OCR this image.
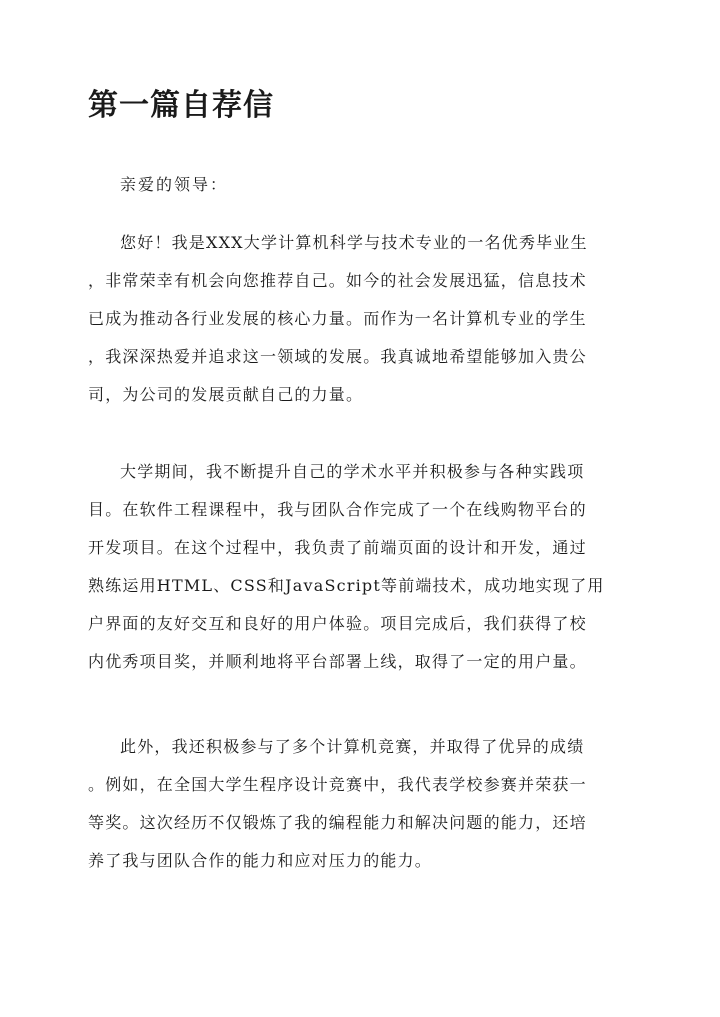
第一篇自荐信
亲爱的领导：
您好！我是XXX大学计算机科学与技术专业的一名优秀毕业生
，非常荣幸有机会向您推荐自己。如今的社会发展迅猛，信息技术
已成为推动各行业发展的核心力量。而作为一名计算机专业的学生
，我深深热爱并追求这一领域的发展。我真诚地希望能够加入贵公
司，为公司的发展贡献自己的力量。
大学期间，我不断提升自己的学术水平并积极参与各种实践项
目。在软件工程课程中，我与团队合作完成了一个在线购物平台的
开发项目。在这个过程中，我负责了前端页面的设计和开发，通过
熟练运用HTML、CSS和JavaScript等前端技术，成功地实现了用
户界面的友好交互和良好的用户体验。项目完成后，我们获得了校
内优秀项目奖，并顺利地将平台部署上线，取得了一定的用户量。
此外，我还积极参与了多个计算机竞赛，并取得了优异的成绩
。例如，在全国大学生程序设计竞赛中，我代表学校参赛并荣获一
等奖。这次经历不仅锻炼了我的编程能力和解决问题的能力，还培
养了我与团队合作的能力和应对压力的能力。
